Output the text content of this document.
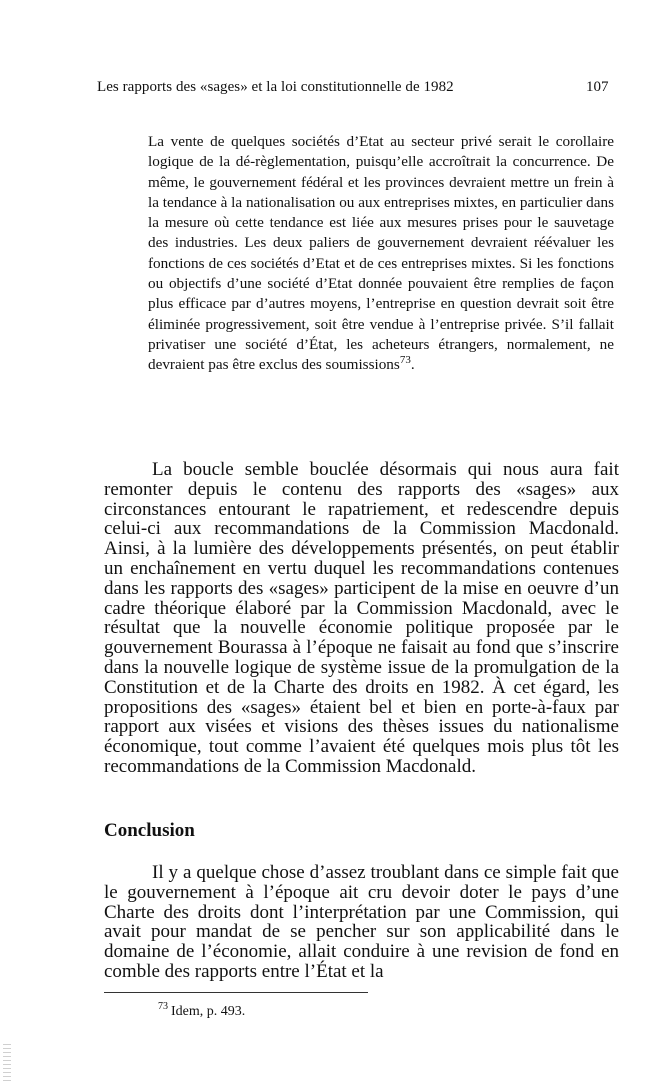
Les rapports des «sages» et la loi constitutionnelle de 1982	107
La vente de quelques sociétés d’Etat au secteur privé serait le corollaire logique de la dé-règlementation, puisqu’elle accroîtrait la concurrence. De même, le gouvernement fédéral et les provinces devraient mettre un frein à la tendance à la nationalisation ou aux entreprises mixtes, en particulier dans la mesure où cette tendance est liée aux mesures prises pour le sauvetage des industries. Les deux paliers de gouvernement devraient réévaluer les fonctions de ces sociétés d’Etat et de ces entreprises mixtes. Si les fonctions ou objectifs d’une société d’Etat donnée pouvaient être remplies de façon plus efficace par d’autres moyens, l’entreprise en question devrait soit être éliminée progressivement, soit être vendue à l’entreprise privée. S’il fallait privatiser une société d’État, les acheteurs étrangers, normalement, ne devraient pas être exclus des soumissions$^{73}$.
La boucle semble bouclée désormais qui nous aura fait remonter depuis le contenu des rapports des «sages» aux circonstances entourant le rapatriement, et redescendre depuis celui-ci aux recommandations de la Commission Macdonald. Ainsi, à la lumière des développements présentés, on peut établir un enchaînement en vertu duquel les recommandations contenues dans les rapports des «sages» participent de la mise en oeuvre d’un cadre théorique élaboré par la Commission Macdonald, avec le résultat que la nouvelle économie politique proposée par le gouvernement Bourassa à l’époque ne faisait au fond que s’inscrire dans la nouvelle logique de système issue de la promulgation de la Constitution et de la Charte des droits en 1982. À cet égard, les propositions des «sages» étaient bel et bien en porte-à-faux par rapport aux visées et visions des thèses issues du nationalisme économique, tout comme l’avaient été quelques mois plus tôt les recommandations de la Commission Macdonald.
Conclusion
Il y a quelque chose d’assez troublant dans ce simple fait que le gouvernement à l’époque ait cru devoir doter le pays d’une Charte des droits dont l’interprétation par une Commission, qui avait pour mandat de se pencher sur son applicabilité dans le domaine de l’économie, allait conduire à une revision de fond en comble des rapports entre l’État et la
$^{73}$ Idem, p. 493.
